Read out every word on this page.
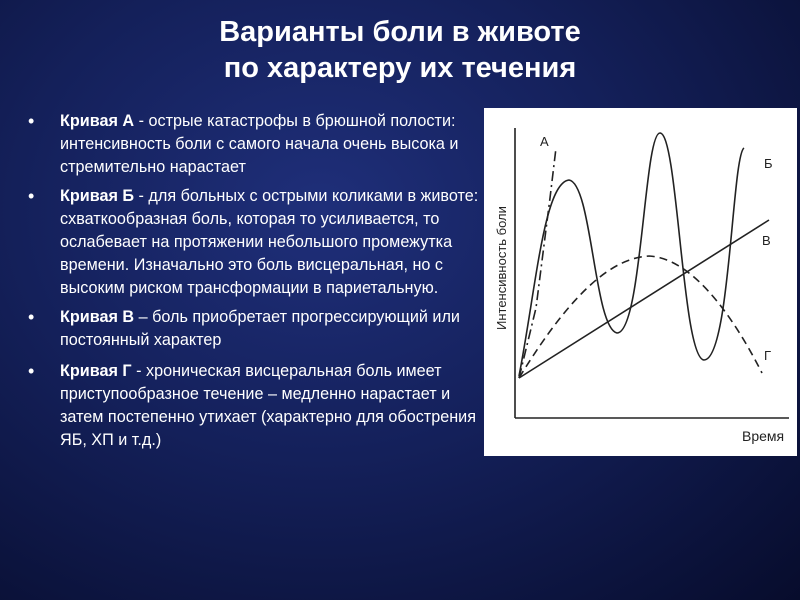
Варианты боли в животе
по характеру их течения
• Кривая А - острые катастрофы в брюшной полости: интенсивность боли с самого начала очень высока и стремительно нарастает
• Кривая Б - для больных с острыми коликами в животе: схваткообразная боль, которая то усиливается, то ослабевает на протяжении небольшого промежутка времени. Изначально это боль висцеральная, но с высоким риском трансформации в париетальную.
• Кривая В – боль приобретает прогрессирующий или постоянный характер
• Кривая Г - хроническая висцеральная боль имеет приступообразное течение – медленно нарастает и затем постепенно утихает (характерно для обострения ЯБ, ХП и т.д.)
Интенсивность боли
Время
А
Б
В
Г
